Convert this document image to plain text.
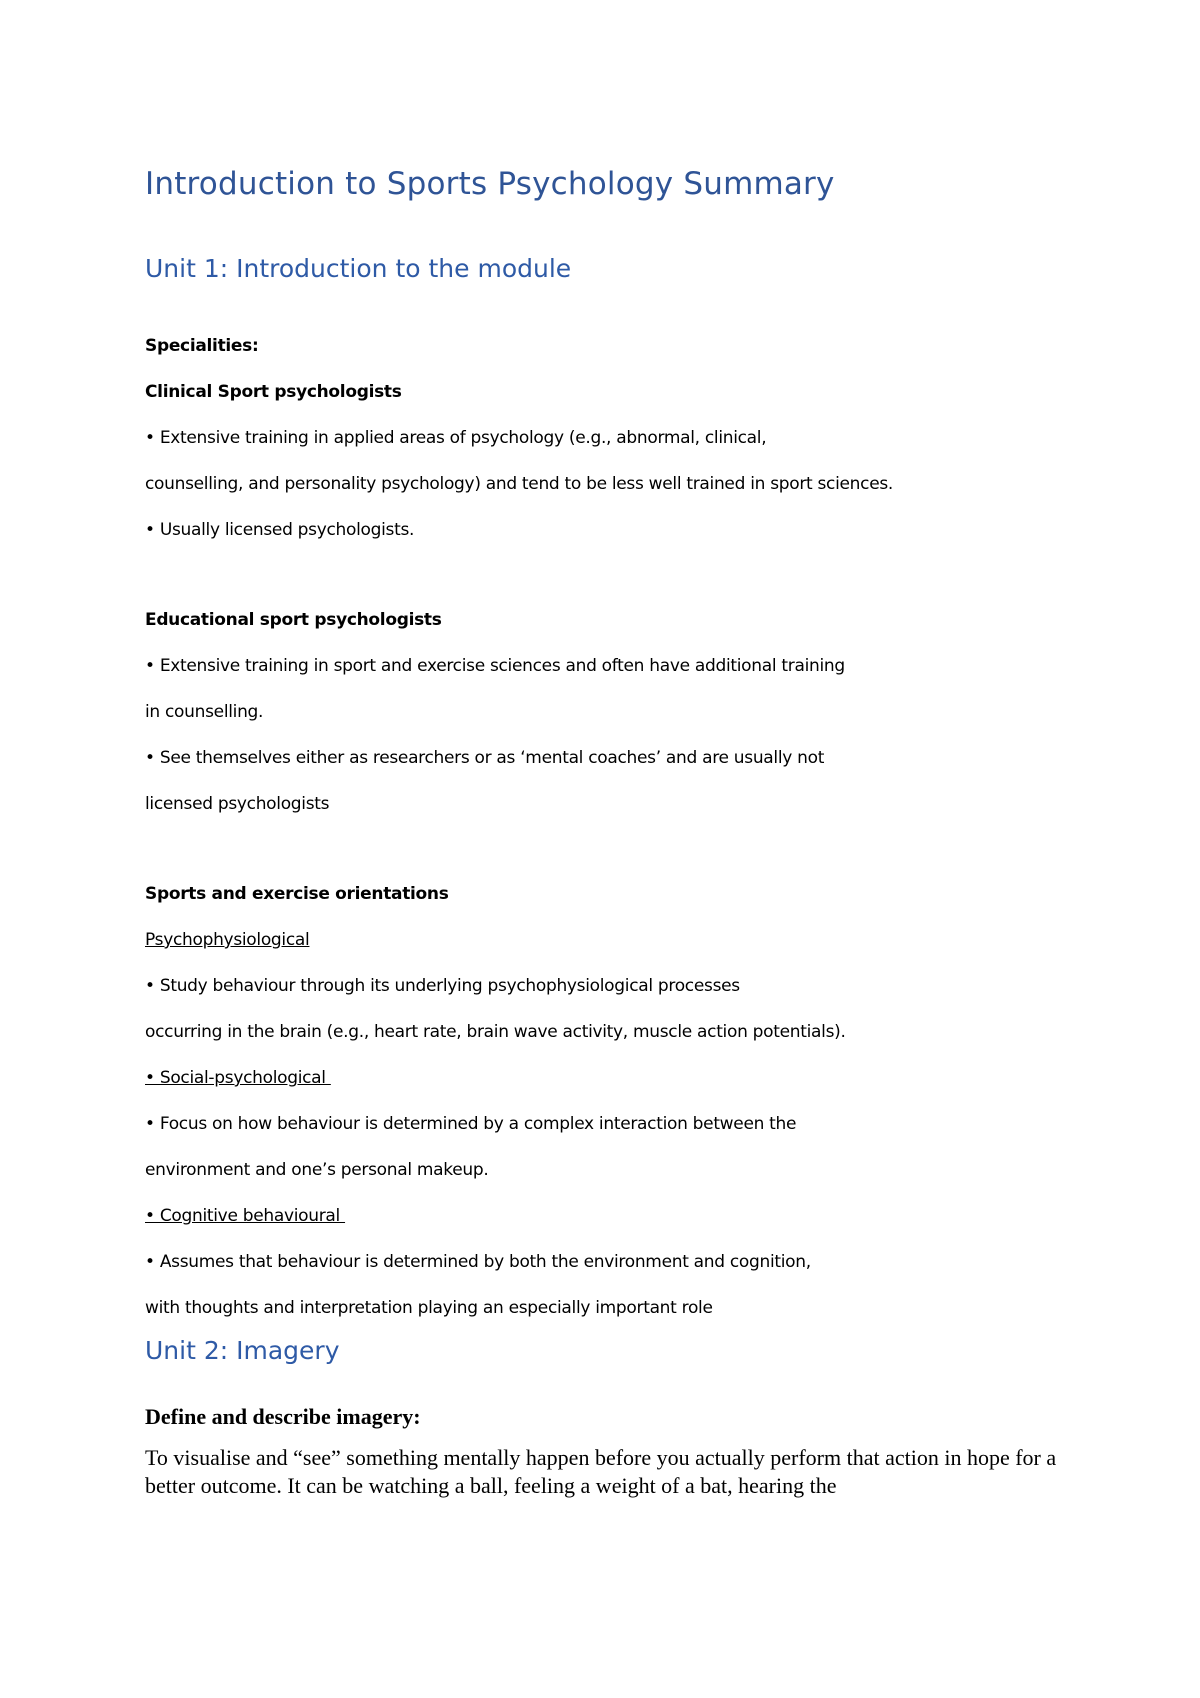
Introduction to Sports Psychology Summary
Unit 1: Introduction to the module
Specialities:
Clinical Sport psychologists
• Extensive training in applied areas of psychology (e.g., abnormal, clinical,
counselling, and personality psychology) and tend to be less well trained in sport sciences.
• Usually licensed psychologists.
Educational sport psychologists
• Extensive training in sport and exercise sciences and often have additional training
in counselling.
• See themselves either as researchers or as ‘mental coaches’ and are usually not
licensed psychologists
Sports and exercise orientations
Psychophysiological
• Study behaviour through its underlying psychophysiological processes
occurring in the brain (e.g., heart rate, brain wave activity, muscle action potentials).
• Social-psychological
• Focus on how behaviour is determined by a complex interaction between the
environment and one’s personal makeup.
• Cognitive behavioural
• Assumes that behaviour is determined by both the environment and cognition,
with thoughts and interpretation playing an especially important role
Unit 2: Imagery
Define and describe imagery:
To visualise and “see” something mentally happen before you actually perform that action in hope for a better outcome. It can be watching a ball, feeling a weight of a bat, hearing the
